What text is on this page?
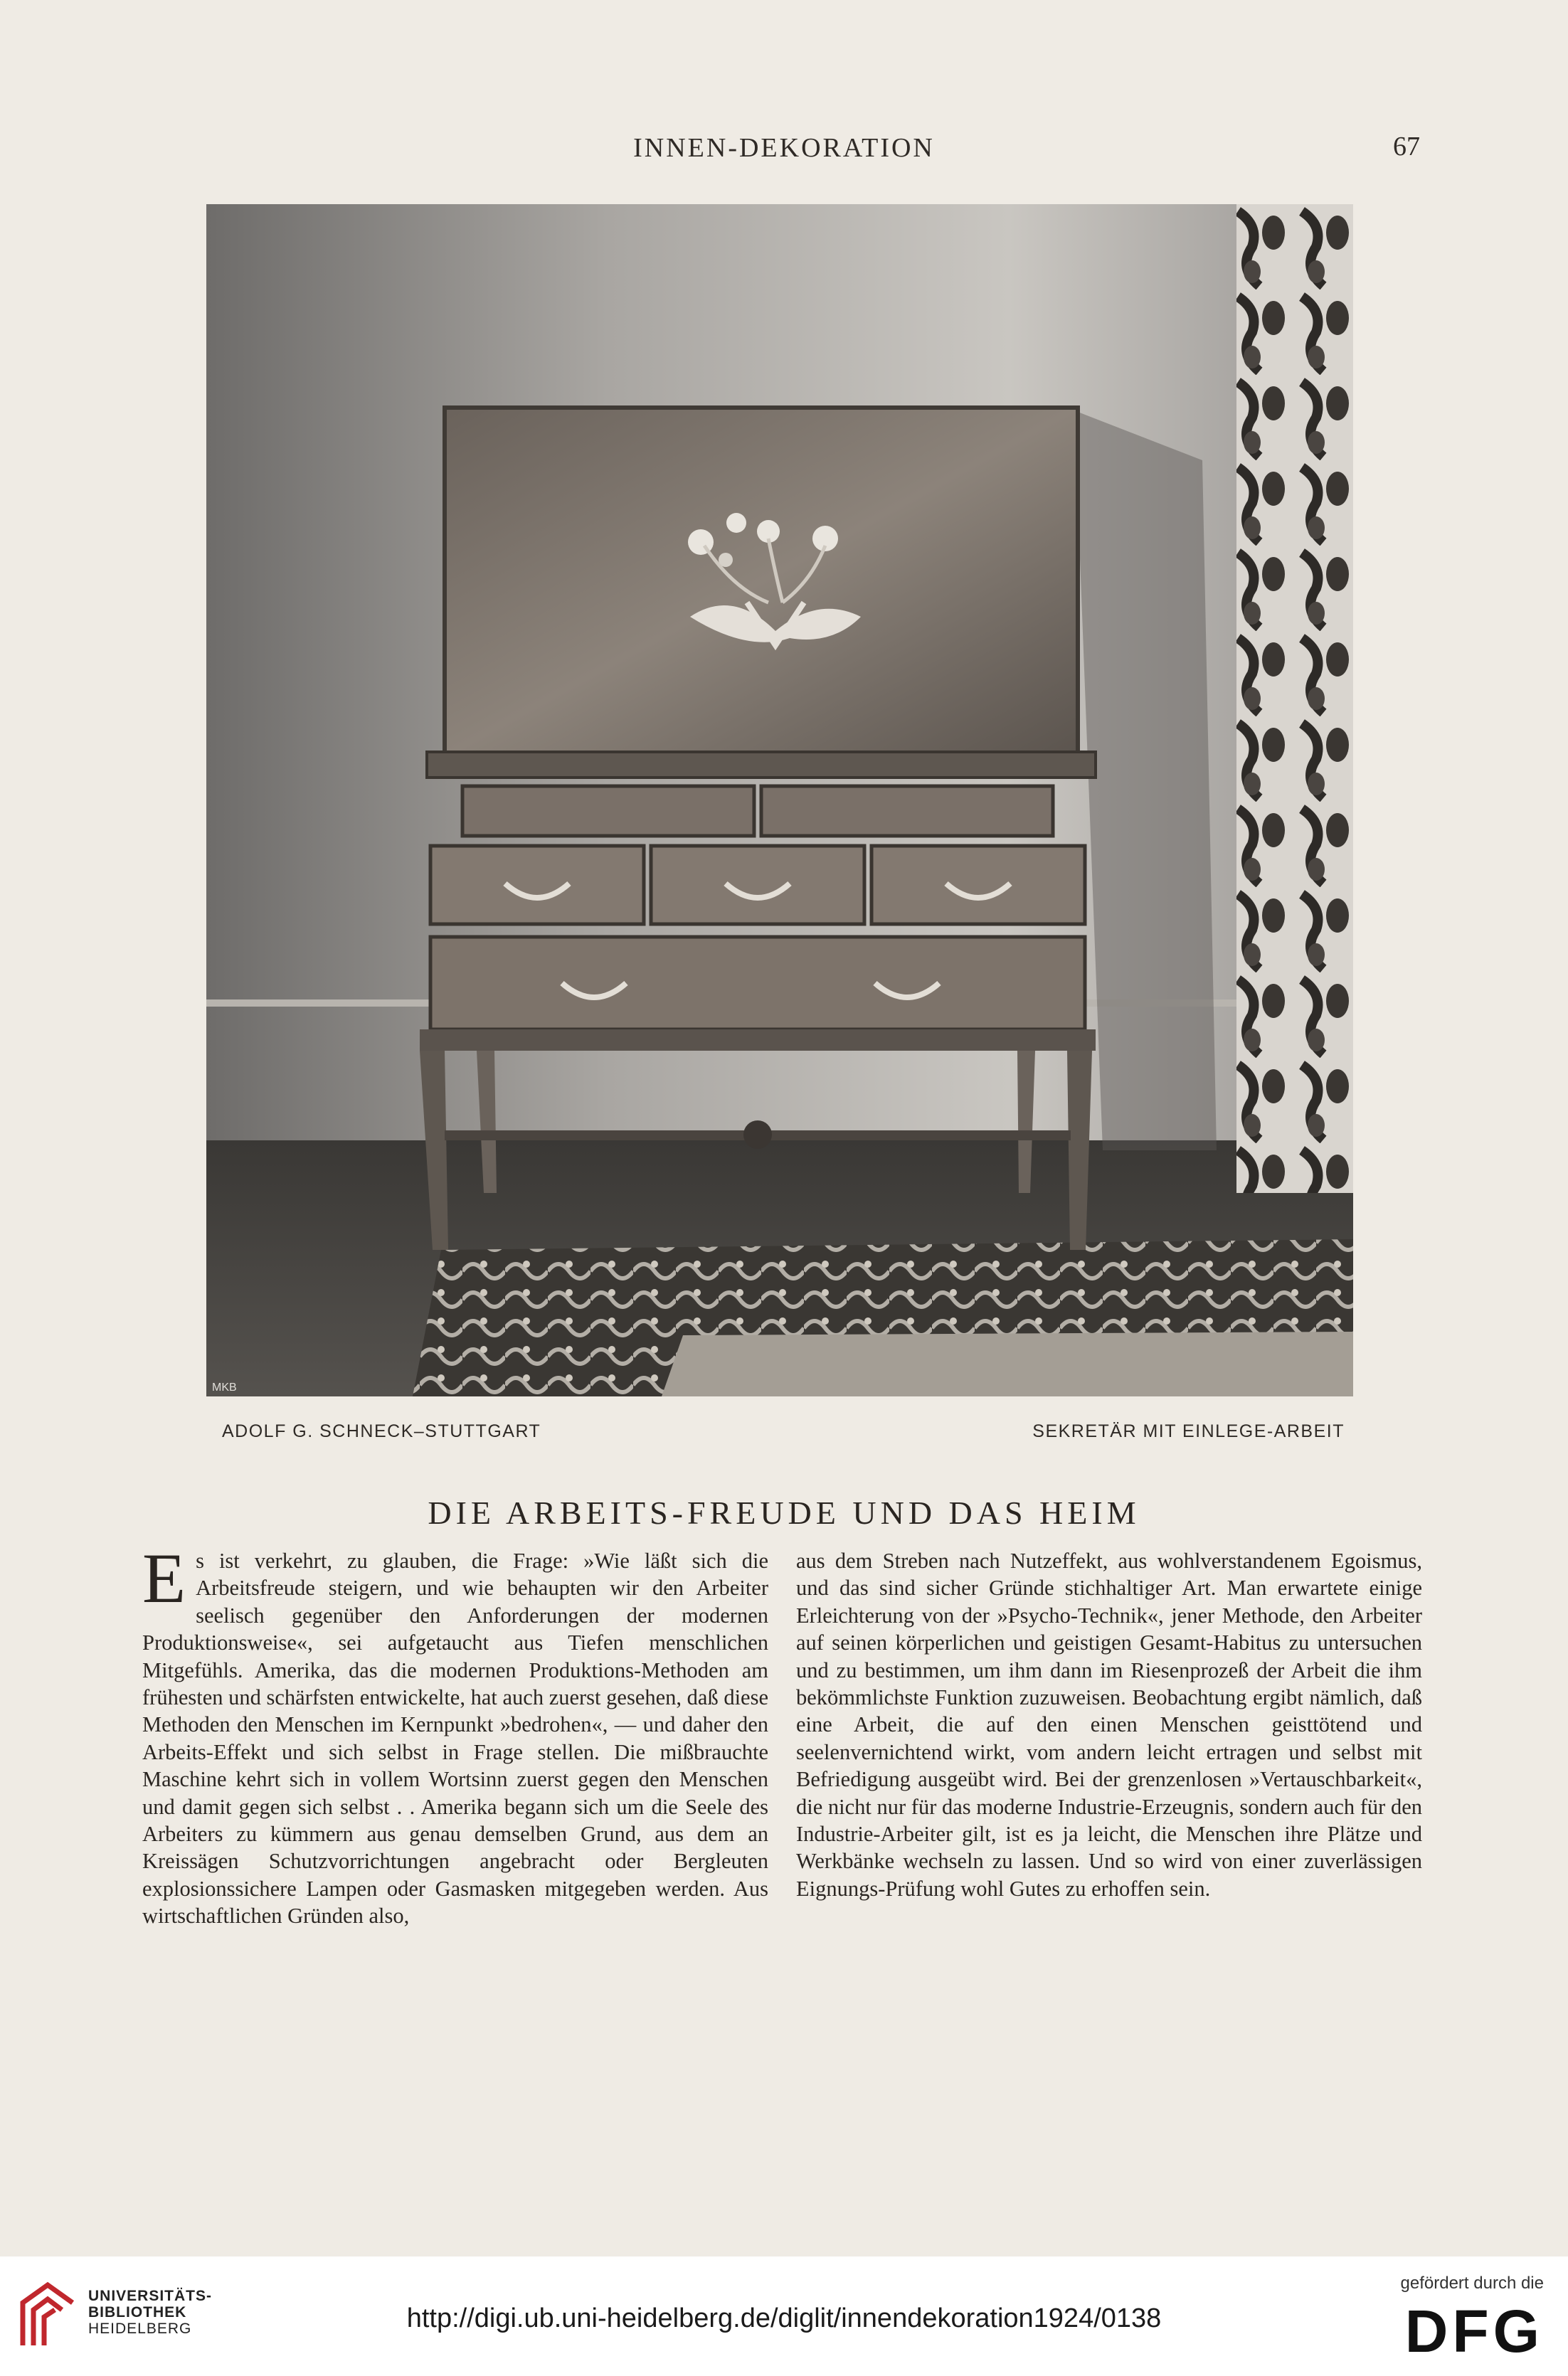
INNEN-DEKORATION	67
MKB
ADOLF G. SCHNECK–STUTTGART	SEKRETÄR MIT EINLEGE-ARBEIT
DIE ARBEITS-FREUDE UND DAS HEIM
E s ist verkehrt, zu glauben, die Frage: »Wie läßt sich die Arbeitsfreude steigern, und wie behaupten wir den Arbeiter seelisch gegenüber den Anforderungen der modernen Produktionsweise«, sei aufgetaucht aus Tiefen menschlichen Mitgefühls. Amerika, das die modernen Produktions-Methoden am frühesten und schärfsten entwickelte, hat auch zuerst gesehen, daß diese Methoden den Menschen im Kernpunkt »bedrohen«, — und daher den Arbeits-Effekt und sich selbst in Frage stellen. Die mißbrauchte Maschine kehrt sich in vollem Wortsinn zuerst gegen den Menschen und damit gegen sich selbst . . Amerika begann sich um die Seele des Arbeiters zu kümmern aus genau demselben Grund, aus dem an Kreissägen Schutzvorrichtungen angebracht oder Bergleuten explosionssichere Lampen oder Gasmasken mitgegeben werden. Aus wirtschaftlichen Gründen also,

aus dem Streben nach Nutzeffekt, aus wohlverstandenem Egoismus, und das sind sicher Gründe stichhaltiger Art. Man erwartete einige Erleichterung von der »Psycho-Technik«, jener Methode, den Arbeiter auf seinen körperlichen und geistigen Gesamt-Habitus zu untersuchen und zu bestimmen, um ihm dann im Riesenprozeß der Arbeit die ihm bekömmlichste Funktion zuzuweisen. Beobachtung ergibt nämlich, daß eine Arbeit, die auf den einen Menschen geisttötend und seelenvernichtend wirkt, vom andern leicht ertragen und selbst mit Befriedigung ausgeübt wird. Bei der grenzenlosen »Vertauschbarkeit«, die nicht nur für das moderne Industrie-Erzeugnis, sondern auch für den Industrie-Arbeiter gilt, ist es ja leicht, die Menschen ihre Plätze und Werkbänke wechseln zu lassen. Und so wird von einer zuverlässigen Eignungs-Prüfung wohl Gutes zu erhoffen sein.

UNIVERSITÄTS-
BIBLIOTHEK
HEIDELBERG	http://digi.ub.uni-heidelberg.de/diglit/innendekoration1924/0138
gefördert durch die
DFG
